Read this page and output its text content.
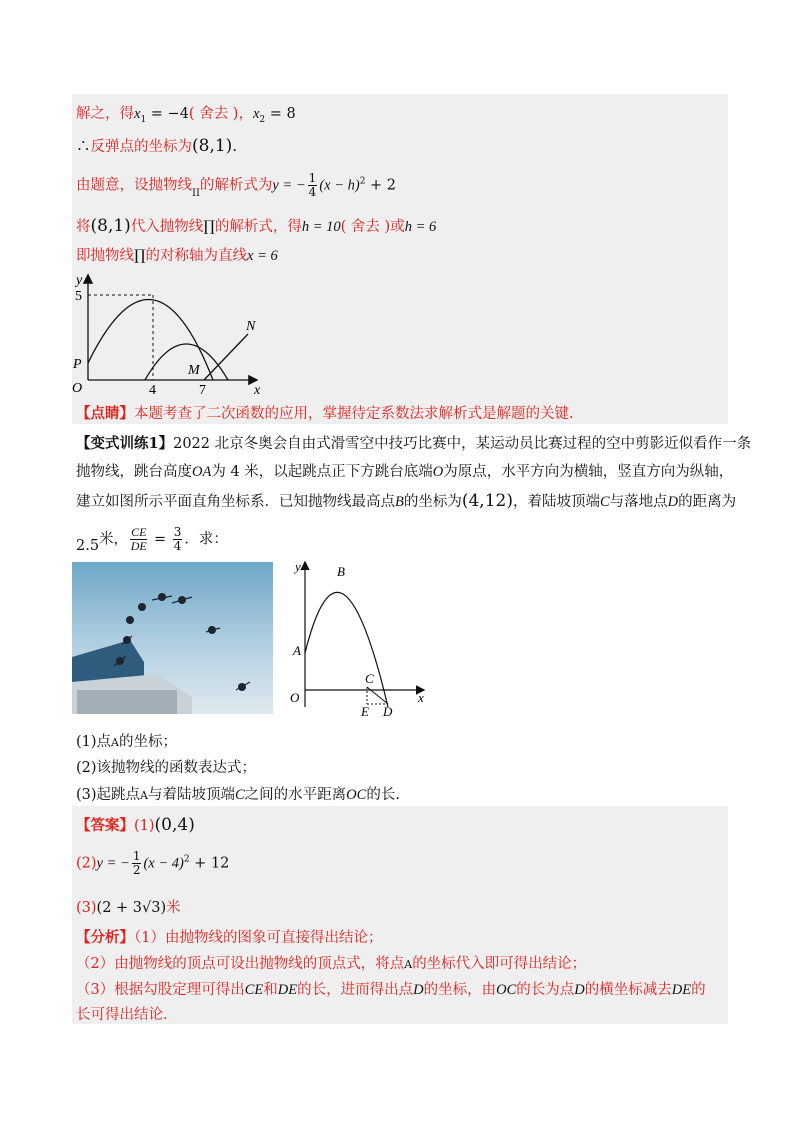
解之，得$x_1 = -4$( 舍去 )，$x_2 = 8$
∴反弹点的坐标为(8,1).
由题意，设抛物线$_{II}$的解析式为y = − $\frac{1}{4} (x - h)^2 + 2$
将(8,1)代入抛物线∏的解析式，得h = 10( 舍去 )或h = 6
即抛物线∏的对称轴为直线x = 6
y
5
P
O	4	7
M
N
x
【点睛】本题考查了二次函数的应用，掌握待定系数法求解析式是解题的关键.
【变式训练1】2022 北京冬奥会自由式滑雪空中技巧比赛中，某运动员比赛过程的空中剪影近似看作一条
抛物线，跳台高度OA为 4 米，以起跳点正下方跳台底端O为原点，水平方向为横轴，竖直方向为纵轴，
建立如图所示平面直角坐标系．已知抛物线最高点B的坐标为(4,12)，着陆坡顶端C与落地点D的距离为
2.5米， $\frac{CE}{DE} = \frac{3}{4}$ ．求：
y	B
A
O
C
E D
x
(1)点A的坐标；
(2)该抛物线的函数表达式；
(3)起跳点A与着陆坡顶端C之间的水平距离OC的长.
【答案】(1)(0,4)
(2)y = − $\frac{1}{2} (x - 4)^2 + 12$
(3)(2 + 3√3)米
【分析】（1）由抛物线的图象可直接得出结论；
（2）由抛物线的顶点可设出抛物线的顶点式，将点A的坐标代入即可得出结论；
（3）根据勾股定理可得出CE和DE的长，进而得出点D的坐标，由OC的长为点D的横坐标减去DE的
长可得出结论.
